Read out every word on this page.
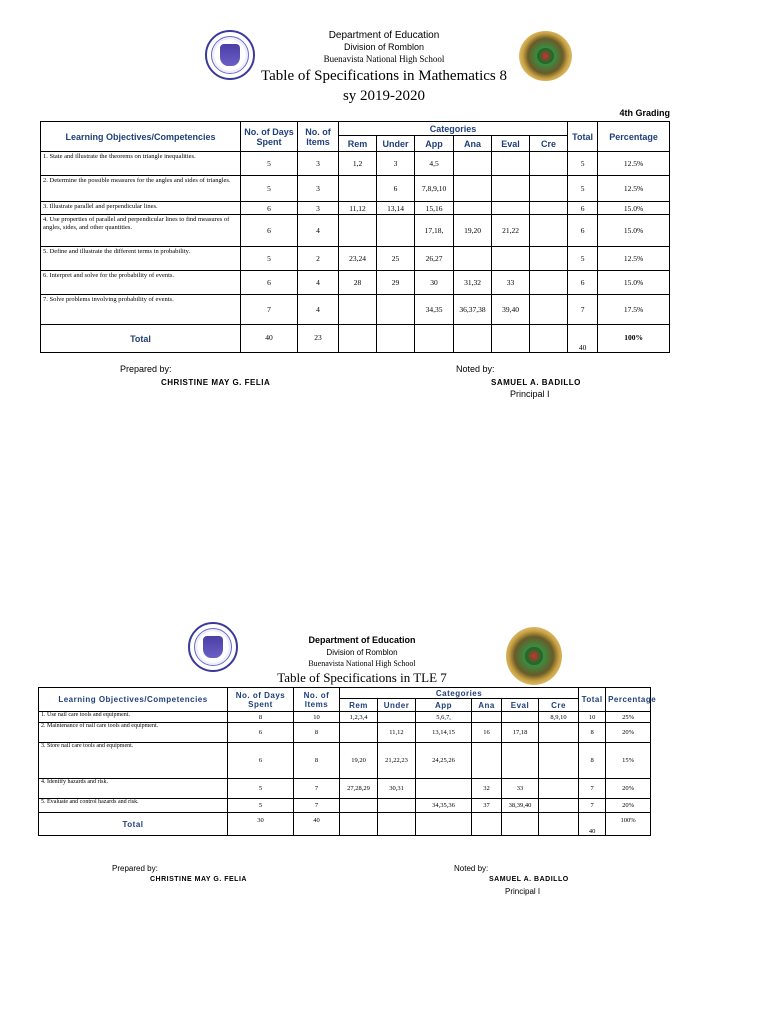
Department of Education
Division of Romblon
Buenavista National High School
Table of Specifications in Mathematics 8
sy 2019-2020
4th Grading
Learning Objectives/Competencies	No. of Days Spent	No. of Items	Categories						Total	Percentage
			Rem	Under	App	Ana	Eval	Cre		
1. State and illustrate the theorems on triangle inequalities.	5	3	1,2	3	4,5				5	12.5%
2. Determine the possible measures for the angles and sides of triangles.	5	3		6	7,8,9,10				5	12.5%
3. Illustrate parallel and perpendicular lines.	6	3	11,12	13,14	15,16				6	15.0%
4. Use properties of parallel and perpendicular lines to find measures of angles, sides, and other quantities.	6	4			17,18,	19,20	21,22		6	15.0%
5. Define and illustrate the different terms in probability.	5	2	23,24	25	26,27				5	12.5%
6. Interpret and solve for the probability of events.	6	4	28	29	30	31,32	33		6	15.0%
7. Solve problems involving probability of events.	7	4			34,35	36,37,38	39,40		7	17.5%
Total	40	23							40	100%
Prepared by:
CHRISTINE MAY G. FELIA
Noted by:
SAMUEL A. BADILLO
Principal I
Department of Education
Division of Romblon
Buenavista National High School
Table of Specifications in TLE 7
Learning Objectives/Competencies	No. of Days Spent	No. of Items	Categories						Total	Percentage
			Rem	Under	App	Ana	Eval	Cre		
1. Use nail care tools and equipment.	8	10	1,2,3,4		5,6,7,			8,9,10	10	25%
2. Maintenance of nail care tools and equipment.	6	8		11,12	13,14,15	16	17,18		8	20%
3. Store nail care tools and equipment.	6	8	19,20	21,22,23	24,25,26				8	15%
4. Identify hazards and risk.	5	7	27,28,29	30,31		32	33		7	20%
5. Evaluate and control hazards and risk.	5	7			34,35,36	37	38,39,40		7	20%
Total	30	40							40	100%
Prepared by:
CHRISTINE MAY G. FELIA
Noted by:
SAMUEL A. BADILLO
Principal I
